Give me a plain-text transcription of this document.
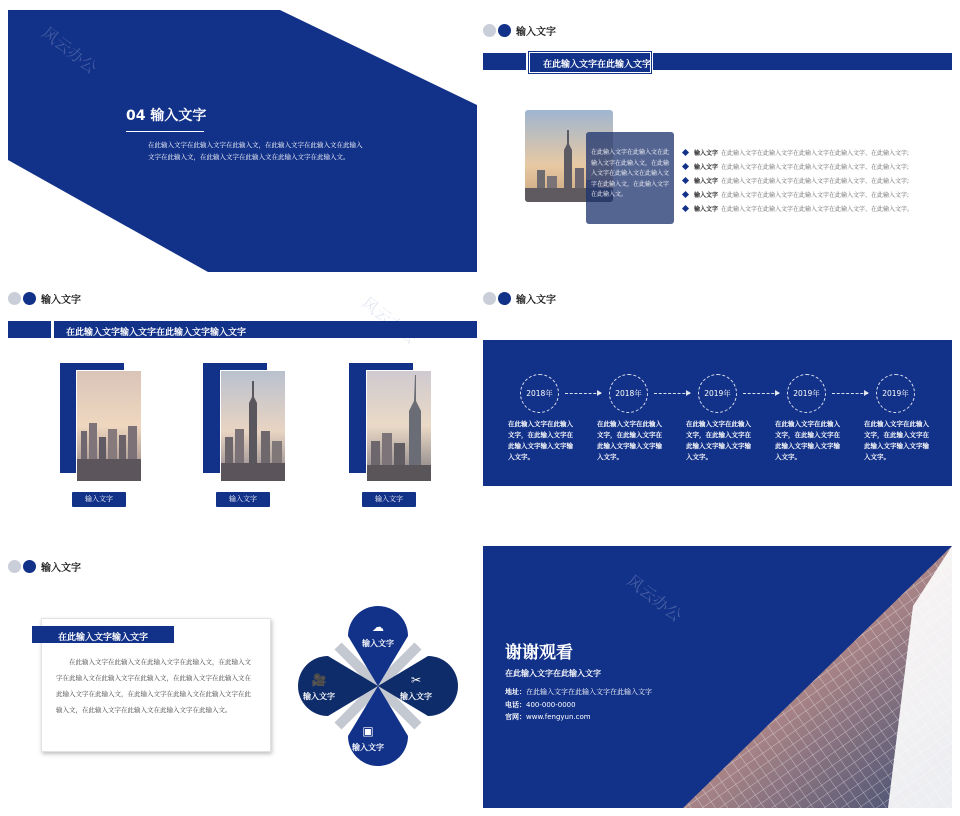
风云办公
04 输入文字
在此输入文字在此输入文字在此输入文，在此输入文字在此输入文在此输入文字在此输入文，在此输入文字在此输入文在此输入文字在此输入文。
输入文字
在此输入文字在此输入文字
在此输入文字在此输入文在此输入文字在此输入文，在此输入文字在此输入文在此输入文字在此输入文，在此输入文字在此输入文。
输入文字 在此输入文字在此输入文字在此输入文字在此输入文字、在此输入文字;
输入文字 在此输入文字在此输入文字在此输入文字在此输入文字、在此输入文字;
输入文字 在此输入文字在此输入文字在此输入文字在此输入文字、在此输入文字;
输入文字 在此输入文字在此输入文字在此输入文字在此输入文字、在此输入文字;
输入文字 在此输入文字在此输入文字在此输入文字在此输入文字、在此输入文字。
输入文字
在此输入文字输入文字在此输入文字输入文字	风云办公
输入文字	输入文字	输入文字
输入文字
2018年	2018年	2019年	2019年	2019年
在此输入文字在此输入文字，在此输入文字在此输入文字输入文字输入文字。
在此输入文字在此输入文字，在此输入文字在此输入文字输入文字输入文字。
在此输入文字在此输入文字，在此输入文字在此输入文字输入文字输入文字。
在此输入文字在此输入文字，在此输入文字在此输入文字输入文字输入文字。
在此输入文字在此输入文字，在此输入文字在此输入文字输入文字输入文字。
输入文字
在此输入文字输入文字
在此输入文字在此输入文在此输入文字在此输入文，在此输入文字在此输入文在此输入文字在此输入文，在此输入文字在此输入文在此输入文字在此输入文，在此输入文字在此输入文在此输入文字在此输入文，在此输入文字在此输入文在此输入文字在此输入文。
☁
输入文字
🎥
输入文字
✂
输入文字
▣
输入文字
风云办公
谢谢观看
在此输入文字在此输入文字
地址：在此输入文字在此输入文字在此输入文字
电话：400-000-0000
官网：www.fengyun.com
